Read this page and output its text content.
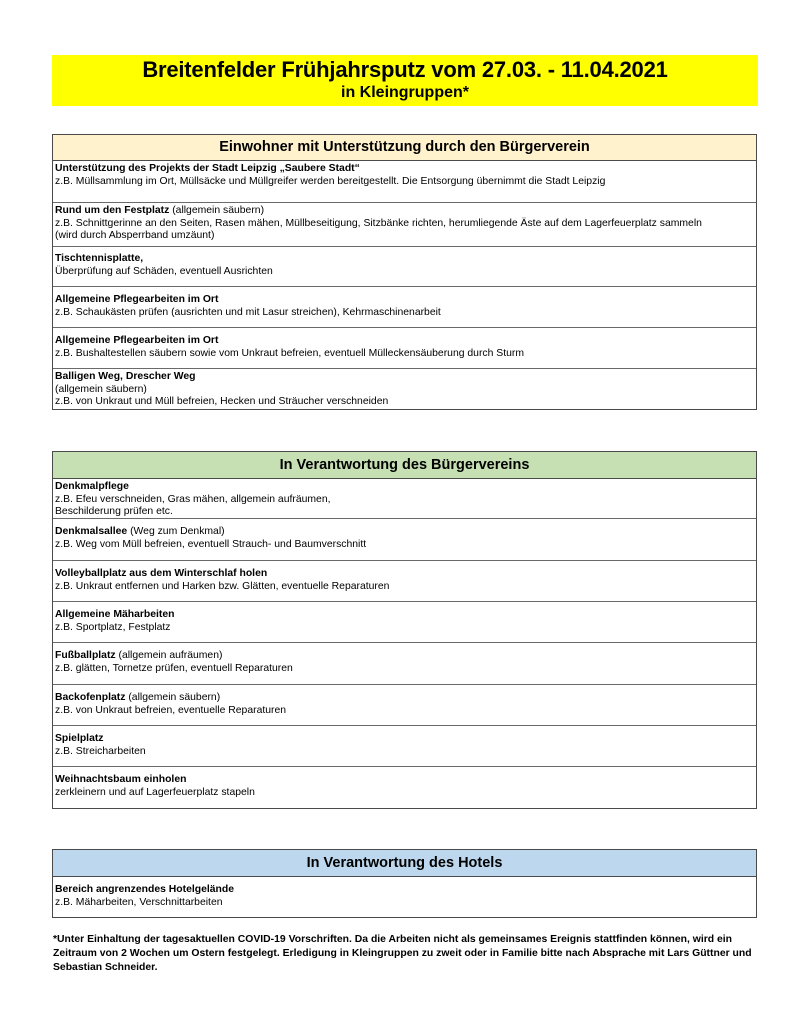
Breitenfelder Frühjahrsputz vom 27.03. - 11.04.2021
in Kleingruppen*
Einwohner mit Unterstützung durch den Bürgerverein
Unterstützung des Projekts der Stadt Leipzig „Saubere Stadt“
z.B. Müllsammlung im Ort, Müllsäcke und Müllgreifer werden bereitgestellt. Die Entsorgung übernimmt die Stadt Leipzig
Rund um den Festplatz (allgemein säubern)
z.B. Schnittgerinne an den Seiten, Rasen mähen, Müllbeseitigung, Sitzbänke richten, herumliegende Äste auf dem Lagerfeuerplatz sammeln
(wird durch Absperrband umzäunt)
Tischtennisplatte,
Überprüfung auf Schäden, eventuell Ausrichten
Allgemeine Pflegearbeiten im Ort
z.B. Schaukästen prüfen (ausrichten und mit Lasur streichen), Kehrmaschinenarbeit
Allgemeine Pflegearbeiten im Ort
z.B. Bushaltestellen säubern sowie vom Unkraut befreien, eventuell Mülleckensäuberung durch Sturm
Balligen Weg, Drescher Weg
(allgemein säubern)
z.B. von Unkraut und Müll befreien, Hecken und Sträucher verschneiden
In Verantwortung des Bürgervereins
Denkmalpflege
z.B. Efeu verschneiden, Gras mähen, allgemein aufräumen,
Beschilderung prüfen etc.
Denkmalsallee (Weg zum Denkmal)
z.B. Weg vom Müll befreien, eventuell Strauch- und Baumverschnitt
Volleyballplatz aus dem Winterschlaf holen
z.B. Unkraut entfernen und Harken bzw. Glätten, eventuelle Reparaturen
Allgemeine Mäharbeiten
z.B. Sportplatz, Festplatz
Fußballplatz (allgemein aufräumen)
z.B. glätten, Tornetze prüfen, eventuell Reparaturen
Backofenplatz (allgemein säubern)
z.B. von Unkraut befreien, eventuelle Reparaturen
Spielplatz
z.B. Streicharbeiten
Weihnachtsbaum einholen
zerkleinern und auf Lagerfeuerplatz stapeln
In Verantwortung des Hotels
Bereich angrenzendes Hotelgelände
z.B. Mäharbeiten, Verschnittarbeiten
*Unter Einhaltung der tagesaktuellen COVID-19 Vorschriften. Da die Arbeiten nicht als gemeinsames Ereignis stattfinden können, wird ein Zeitraum von 2 Wochen um Ostern festgelegt. Erledigung in Kleingruppen zu zweit oder in Familie bitte nach Absprache mit Lars Güttner und Sebastian Schneider.
